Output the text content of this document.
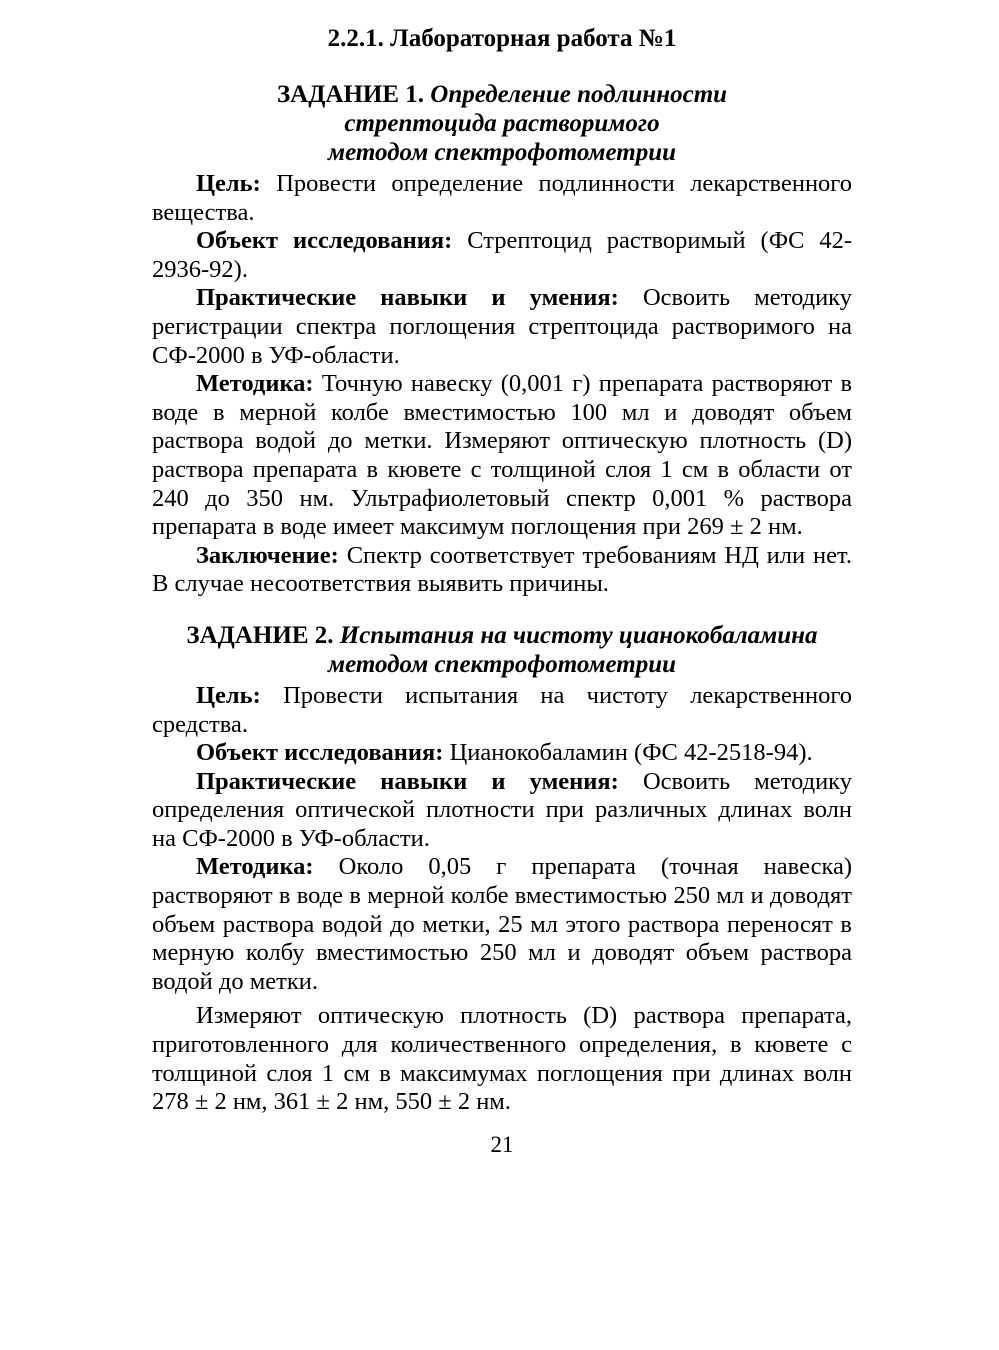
2.2.1. Лабораторная работа №1
ЗАДАНИЕ 1. Определение подлинности
стрептоцида растворимого
методом спектрофотометрии

Цель: Провести определение подлинности лекарственного вещества.

Объект исследования: Стрептоцид растворимый (ФС 42-2936-92).

Практические навыки и умения: Освоить методику регистрации спектра поглощения стрептоцида растворимого на СФ-2000 в УФ-области.

Методика: Точную навеску (0,001 г) препарата растворяют в воде в мерной колбе вместимостью 100 мл и доводят объем раствора водой до метки. Измеряют оптическую плотность (D) раствора препарата в кювете с толщиной слоя 1 см в области от 240 до 350 нм. Ультрафиолетовый спектр 0,001 % раствора препарата в воде имеет максимум поглощения при 269 ± 2 нм.

Заключение: Спектр соответствует требованиям НД или нет. В случае несоответствия выявить причины.

ЗАДАНИЕ 2. Испытания на чистоту цианокобаламина
методом спектрофотометрии

Цель: Провести испытания на чистоту лекарственного средства.

Объект исследования: Цианокобаламин (ФС 42-2518-94).

Практические навыки и умения: Освоить методику определения оптической плотности при различных длинах волн на СФ-2000 в УФ-области.

Методика: Около 0,05 г препарата (точная навеска) растворяют в воде в мерной колбе вместимостью 250 мл и доводят объем раствора водой до метки, 25 мл этого раствора переносят в мерную колбу вместимостью 250 мл и доводят объем раствора водой до метки.

Измеряют оптическую плотность (D) раствора препарата, приготовленного для количественного определения, в кювете с толщиной слоя 1 см в максимумах поглощения при длинах волн 278 ± 2 нм, 361 ± 2 нм, 550 ± 2 нм.

21
